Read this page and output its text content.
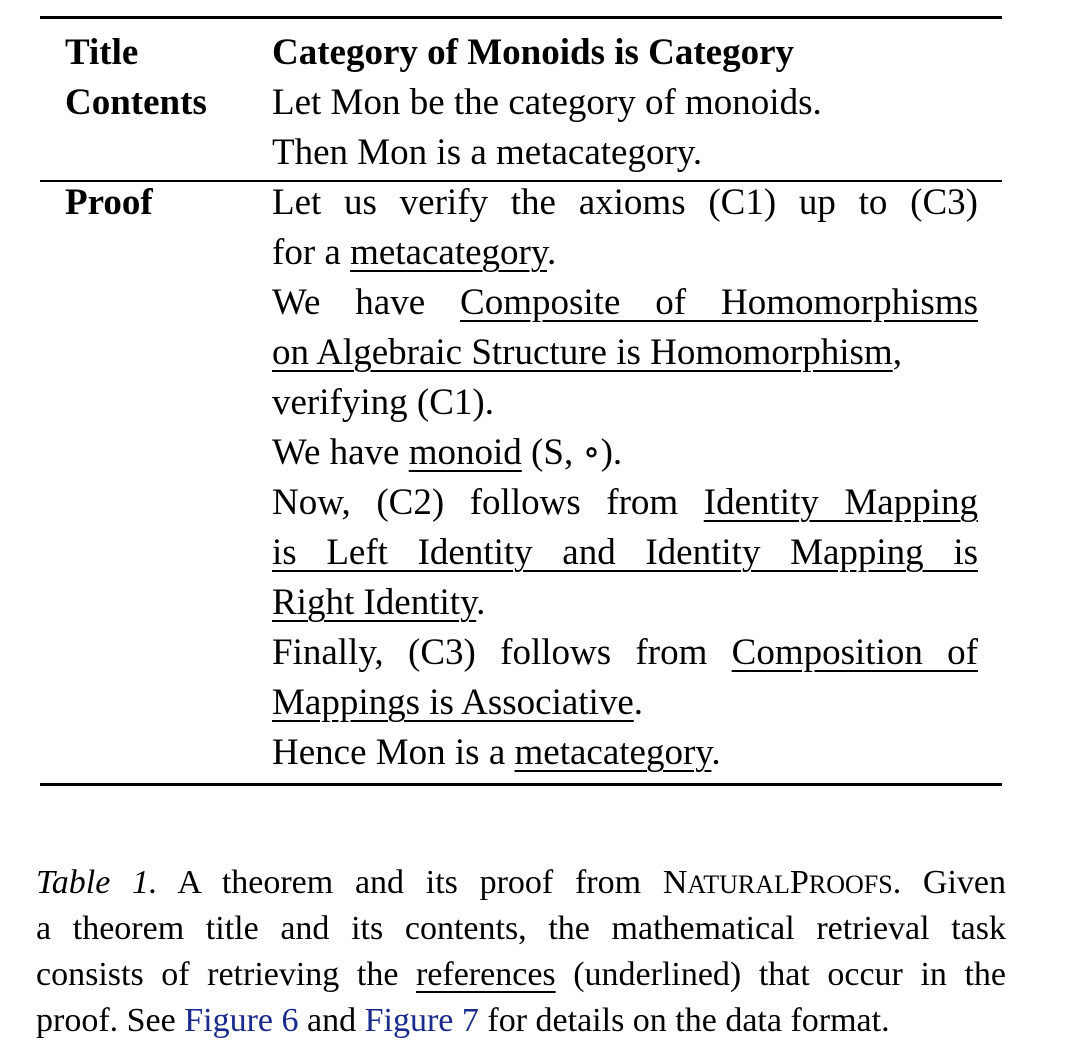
Title
Contents
Proof
Category of Monoids is Category
Let Mon be the category of monoids.
Then Mon is a metacategory.
Let us verify the axioms (C1) up to (C3)
for a metacategory.
We have Composite of Homomorphisms
on Algebraic Structure is Homomorphism,
verifying (C1).
We have monoid (S, ∘).
Now, (C2) follows from Identity Mapping
is Left Identity and Identity Mapping is
Right Identity.
Finally, (C3) follows from Composition of
Mappings is Associative.
Hence Mon is a metacategory.
Table 1. A theorem and its proof from NATURALPROOFS. Given
a theorem title and its contents, the mathematical retrieval task
consists of retrieving the references (underlined) that occur in the
proof. See Figure 6 and Figure 7 for details on the data format.
